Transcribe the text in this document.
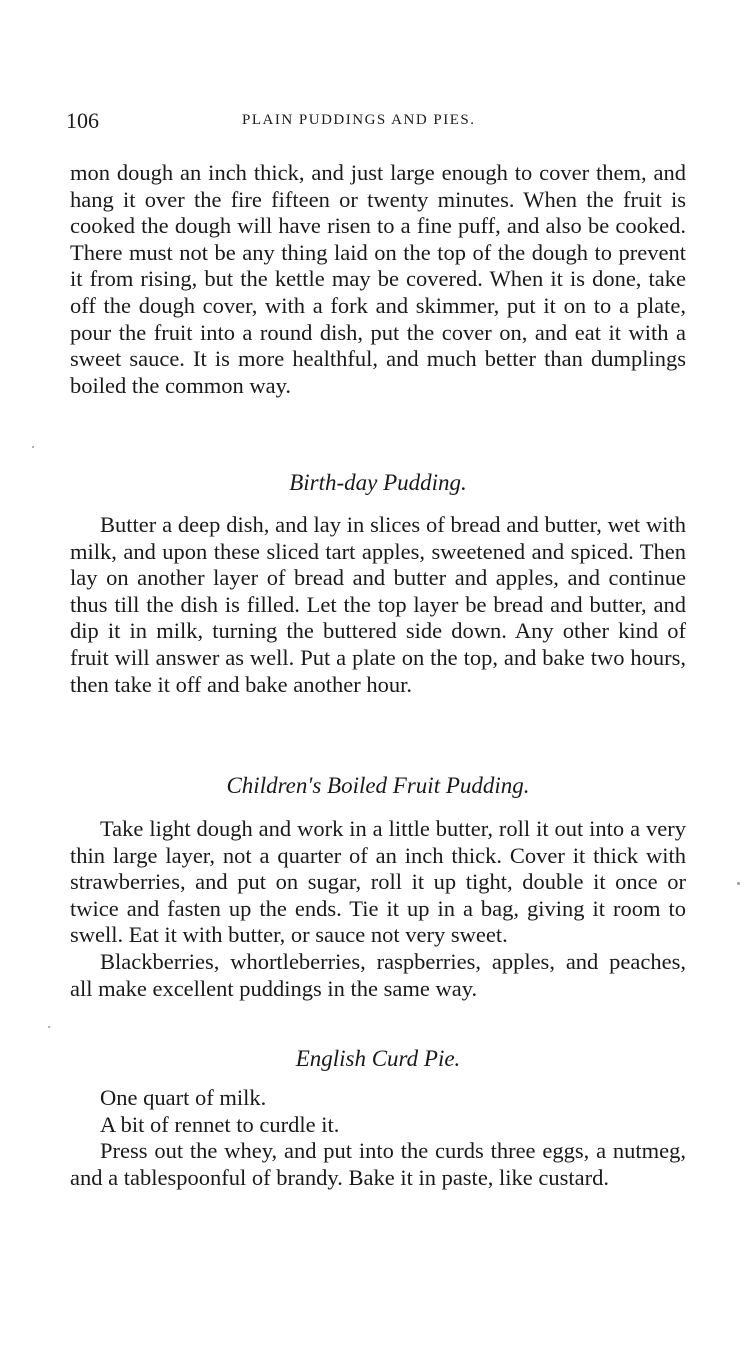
106	PLAIN PUDDINGS AND PIES.

mon dough an inch thick, and just large enough to cover them, and hang it over the fire fifteen or twenty minutes. When the fruit is cooked the dough will have risen to a fine puff, and also be cooked. There must not be any thing laid on the top of the dough to prevent it from rising, but the kettle may be covered. When it is done, take off the dough cover, with a fork and skimmer, put it on to a plate, pour the fruit into a round dish, put the cover on, and eat it with a sweet sauce. It is more healthful, and much better than dumplings boiled the common way.

Birth-day Pudding.

Butter a deep dish, and lay in slices of bread and butter, wet with milk, and upon these sliced tart apples, sweetened and spiced. Then lay on another layer of bread and butter and apples, and continue thus till the dish is filled. Let the top layer be bread and butter, and dip it in milk, turning the buttered side down. Any other kind of fruit will answer as well. Put a plate on the top, and bake two hours, then take it off and bake another hour.

Children's Boiled Fruit Pudding.

Take light dough and work in a little butter, roll it out into a very thin large layer, not a quarter of an inch thick. Cover it thick with strawberries, and put on sugar, roll it up tight, double it once or twice and fasten up the ends. Tie it up in a bag, giving it room to swell. Eat it with butter, or sauce not very sweet.

Blackberries, whortleberries, raspberries, apples, and peaches, all make excellent puddings in the same way.

English Curd Pie.

One quart of milk.

A bit of rennet to curdle it.

Press out the whey, and put into the curds three eggs, a nutmeg, and a tablespoonful of brandy. Bake it in paste, like custard.
